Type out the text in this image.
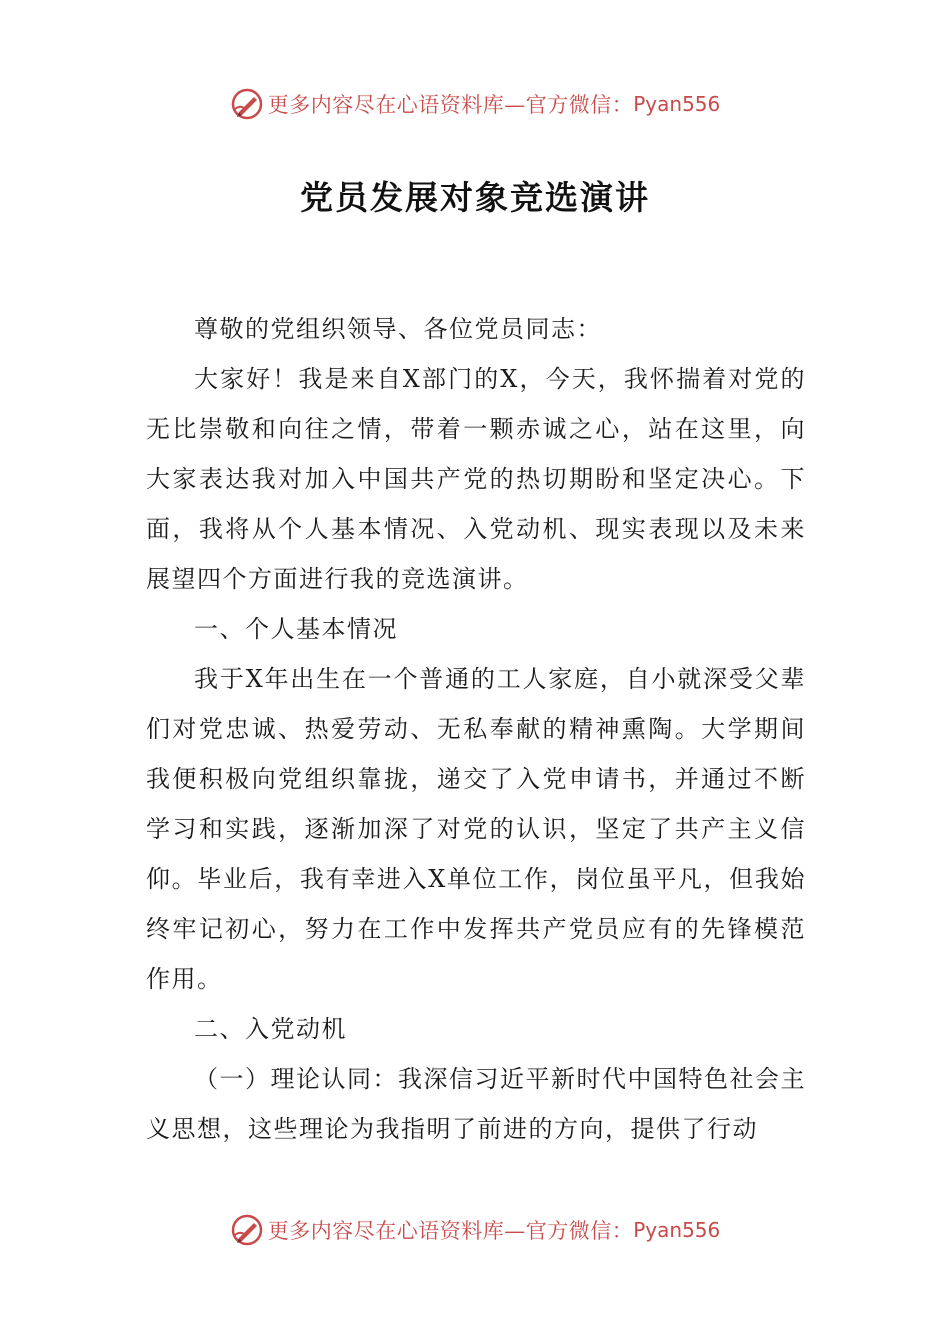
更多内容尽在心语资料库—官方微信： Pyan556
党员发展对象竞选演讲

尊敬的党组织领导、各位党员同志：

大家好！我是来自X部门的X，今天，我怀揣着对党的无比崇敬和向往之情，带着一颗赤诚之心，站在这里，向大家表达我对加入中国共产党的热切期盼和坚定决心。下面，我将从个人基本情况、入党动机、现实表现以及未来展望四个方面进行我的竞选演讲。

一、个人基本情况

我于X年出生在一个普通的工人家庭，自小就深受父辈们对党忠诚、热爱劳动、无私奉献的精神熏陶。大学期间我便积极向党组织靠拢，递交了入党申请书，并通过不断学习和实践，逐渐加深了对党的认识，坚定了共产主义信仰。毕业后，我有幸进入X单位工作，岗位虽平凡，但我始终牢记初心，努力在工作中发挥共产党员应有的先锋模范作用。

二、入党动机

（一）理论认同：我深信习近平新时代中国特色社会主义思想，这些理论为我指明了前进的方向，提供了行动

更多内容尽在心语资料库—官方微信： Pyan556
